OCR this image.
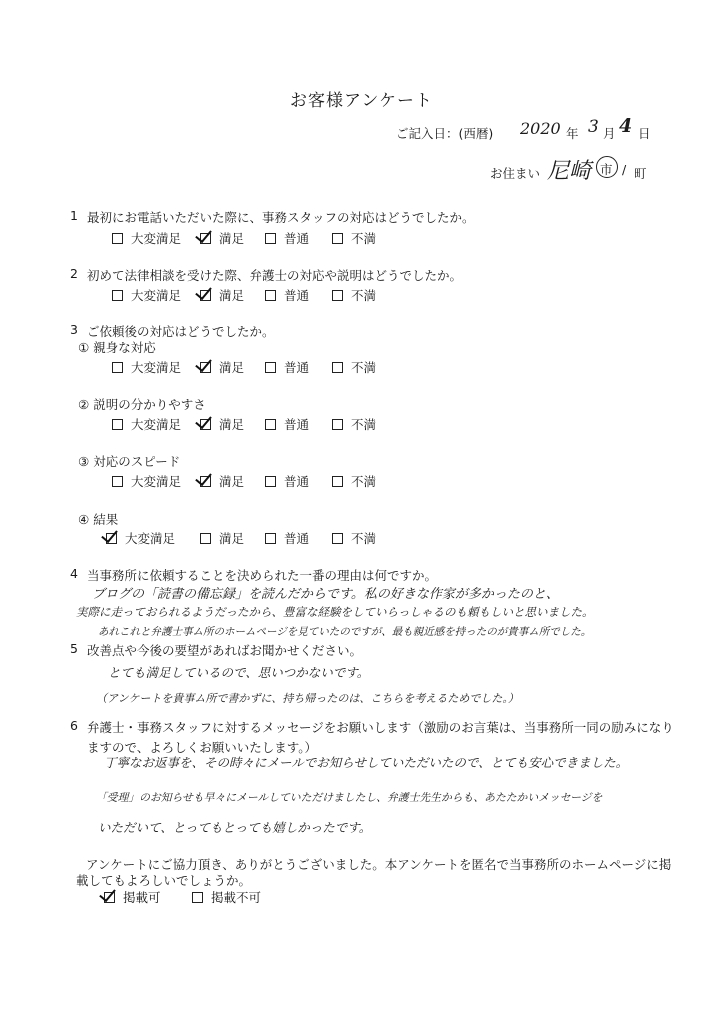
お客様アンケート
ご記入日：(西暦) 2020 年 3 月 4 日
お住まい 尼崎 市 / 町
1 最初にお電話いただいた際に、事務スタッフの対応はどうでしたか。
大変満足	満足	普通	不満
2 初めて法律相談を受けた際、弁護士の対応や説明はどうでしたか。
大変満足	満足	普通	不満
3 ご依頼後の対応はどうでしたか。
① 親身な対応
大変満足	満足	普通	不満
② 説明の分かりやすさ
大変満足	満足	普通	不満
③ 対応のスピード
大変満足	満足	普通	不満
④ 結果
大変満足	満足	普通	不満
4 当事務所に依頼することを決められた一番の理由は何ですか。
ブログの「読書の備忘録」を読んだからです。私の好きな作家が多かったのと、
実際に走っておられるようだったから、豊富な経験をしていらっしゃるのも頼もしいと思いました。
あれこれと弁護士事ム所のホームページを見ていたのですが、最も親近感を持ったのが貴事ム所でした。
5 改善点や今後の要望があればお聞かせください。
とても満足しているので、思いつかないです。
（アンケートを貴事ム所で書かずに、持ち帰ったのは、こちらを考えるためでした。）
6 弁護士・事務スタッフに対するメッセージをお願いします（激励のお言葉は、当事務所一同の励みになり
ますので、よろしくお願いいたします。）
丁寧なお返事を、その時々にメールでお知らせしていただいたので、とても安心できました。
「受理」のお知らせも早々にメールしていただけましたし、弁護士先生からも、あたたかいメッセージを
いただいて、とってもとっても嬉しかったです。
アンケートにご協力頂き、ありがとうございました。本アンケートを匿名で当事務所のホームページに掲
載してもよろしいでしょうか。
掲載可	掲載不可
